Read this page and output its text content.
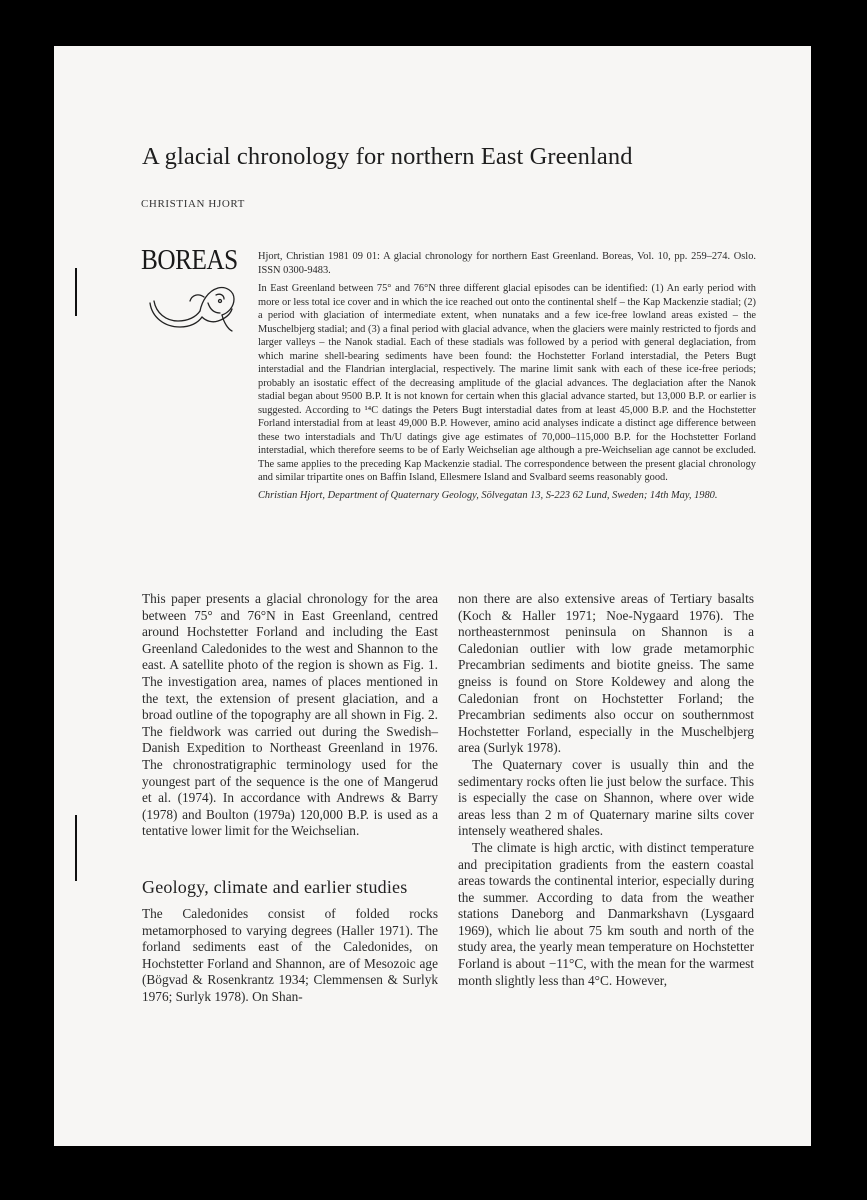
A glacial chronology for northern East Greenland
CHRISTIAN HJORT
BOREAS Hjort, Christian 1981 09 01: A glacial chronology for northern East Greenland. Boreas, Vol. 10, pp. 259–274. Oslo. ISSN 0300-9483.

In East Greenland between 75° and 76°N three different glacial episodes can be identified: (1) An early period with more or less total ice cover and in which the ice reached out onto the continental shelf – the Kap Mackenzie stadial; (2) a period with glaciation of intermediate extent, when nunataks and a few ice-free lowland areas existed – the Muschelbjerg stadial; and (3) a final period with glacial advance, when the glaciers were mainly restricted to fjords and larger valleys – the Nanok stadial. Each of these stadials was followed by a period with general deglaciation, from which marine shell-bearing sediments have been found: the Hochstetter Forland interstadial, the Peters Bugt interstadial and the Flandrian interglacial, respectively. The marine limit sank with each of these ice-free periods; probably an isostatic effect of the decreasing amplitude of the glacial advances. The deglaciation after the Nanok stadial began about 9500 B.P. It is not known for certain when this glacial advance started, but 13,000 B.P. or earlier is suggested. According to ¹⁴C datings the Peters Bugt interstadial dates from at least 45,000 B.P. and the Hochstetter Forland interstadial from at least 49,000 B.P. However, amino acid analyses indicate a distinct age difference between these two interstadials and Th/U datings give age estimates of 70,000–115,000 B.P. for the Hochstetter Forland interstadial, which therefore seems to be of Early Weichselian age although a pre-Weichselian age cannot be excluded. The same applies to the preceding Kap Mackenzie stadial. The correspondence between the present glacial chronology and similar tripartite ones on Baffin Island, Ellesmere Island and Svalbard seems reasonably good.

Christian Hjort, Department of Quaternary Geology, Sölvegatan 13, S-223 62 Lund, Sweden; 14th May, 1980.

This paper presents a glacial chronology for the area between 75° and 76°N in East Greenland, centred around Hochstetter Forland and including the East Greenland Caledonides to the west and Shannon to the east. A satellite photo of the region is shown as Fig. 1. The investigation area, names of places mentioned in the text, the extension of present glaciation, and a broad outline of the topography are all shown in Fig. 2. The fieldwork was carried out during the Swedish–Danish Expedition to Northeast Greenland in 1976. The chronostratigraphic terminology used for the youngest part of the sequence is the one of Mangerud et al. (1974). In accordance with Andrews & Barry (1978) and Boulton (1979a) 120,000 B.P. is used as a tentative lower limit for the Weichselian.

Geology, climate and earlier studies

The Caledonides consist of folded rocks metamorphosed to varying degrees (Haller 1971). The forland sediments east of the Caledonides, on Hochstetter Forland and Shannon, are of Mesozoic age (Bögvad & Rosenkrantz 1934; Clemmensen & Surlyk 1976; Surlyk 1978). On Shan-

non there are also extensive areas of Tertiary basalts (Koch & Haller 1971; Noe-Nygaard 1976). The northeasternmost peninsula on Shannon is a Caledonian outlier with low grade metamorphic Precambrian sediments and biotite gneiss. The same gneiss is found on Store Koldewey and along the Caledonian front on Hochstetter Forland; the Precambrian sediments also occur on southernmost Hochstetter Forland, especially in the Muschelbjerg area (Surlyk 1978).

The Quaternary cover is usually thin and the sedimentary rocks often lie just below the surface. This is especially the case on Shannon, where over wide areas less than 2 m of Quaternary marine silts cover intensely weathered shales.

The climate is high arctic, with distinct temperature and precipitation gradients from the eastern coastal areas towards the continental interior, especially during the summer. According to data from the weather stations Daneborg and Danmarkshavn (Lysgaard 1969), which lie about 75 km south and north of the study area, the yearly mean temperature on Hochstetter Forland is about −11°C, with the mean for the warmest month slightly less than 4°C. However,
